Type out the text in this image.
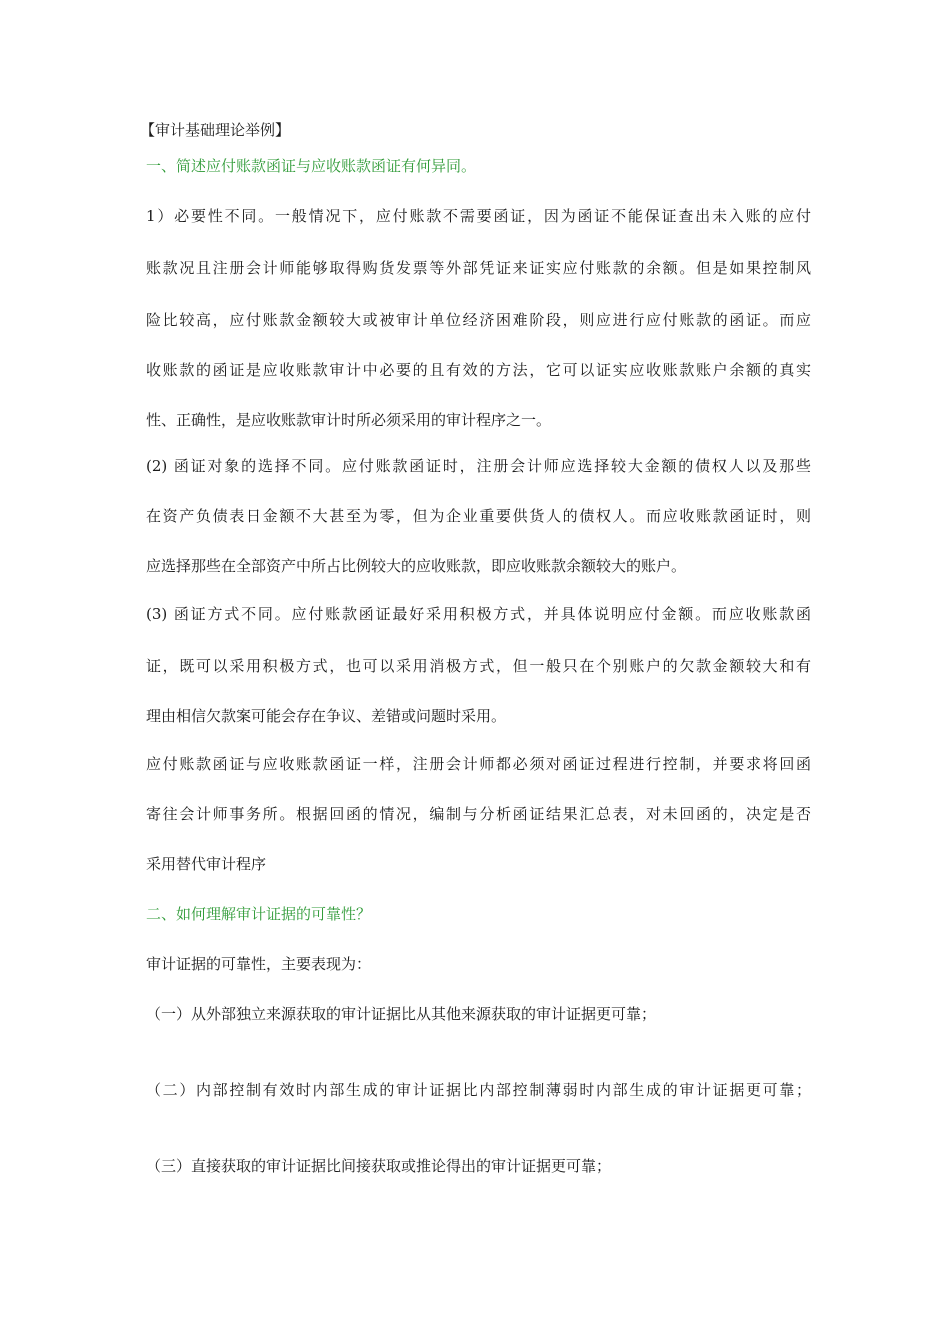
【审计基础理论举例】
一、简述应付账款函证与应收账款函证有何异同。
1）必要性不同。一般情况下，应付账款不需要函证，因为函证不能保证查出未入账的应付
账款况且注册会计师能够取得购货发票等外部凭证来证实应付账款的余额。但是如果控制风
险比较高，应付账款金额较大或被审计单位经济困难阶段，则应进行应付账款的函证。而应
收账款的函证是应收账款审计中必要的且有效的方法，它可以证实应收账款账户余额的真实
性、正确性，是应收账款审计时所必须采用的审计程序之一。
(2) 函证对象的选择不同。应付账款函证时，注册会计师应选择较大金额的债权人以及那些
在资产负债表日金额不大甚至为零，但为企业重要供货人的债权人。而应收账款函证时，则
应选择那些在全部资产中所占比例较大的应收账款，即应收账款余额较大的账户。
(3) 函证方式不同。应付账款函证最好采用积极方式，并具体说明应付金额。而应收账款函
证，既可以采用积极方式，也可以采用消极方式，但一般只在个别账户的欠款金额较大和有
理由相信欠款案可能会存在争议、差错或问题时采用。
应付账款函证与应收账款函证一样，注册会计师都必须对函证过程进行控制，并要求将回函
寄往会计师事务所。根据回函的情况，编制与分析函证结果汇总表，对未回函的，决定是否
采用替代审计程序
二、如何理解审计证据的可靠性？
审计证据的可靠性，主要表现为：
（一）从外部独立来源获取的审计证据比从其他来源获取的审计证据更可靠；
（二）内部控制有效时内部生成的审计证据比内部控制薄弱时内部生成的审计证据更可靠；
（三）直接获取的审计证据比间接获取或推论得出的审计证据更可靠；
